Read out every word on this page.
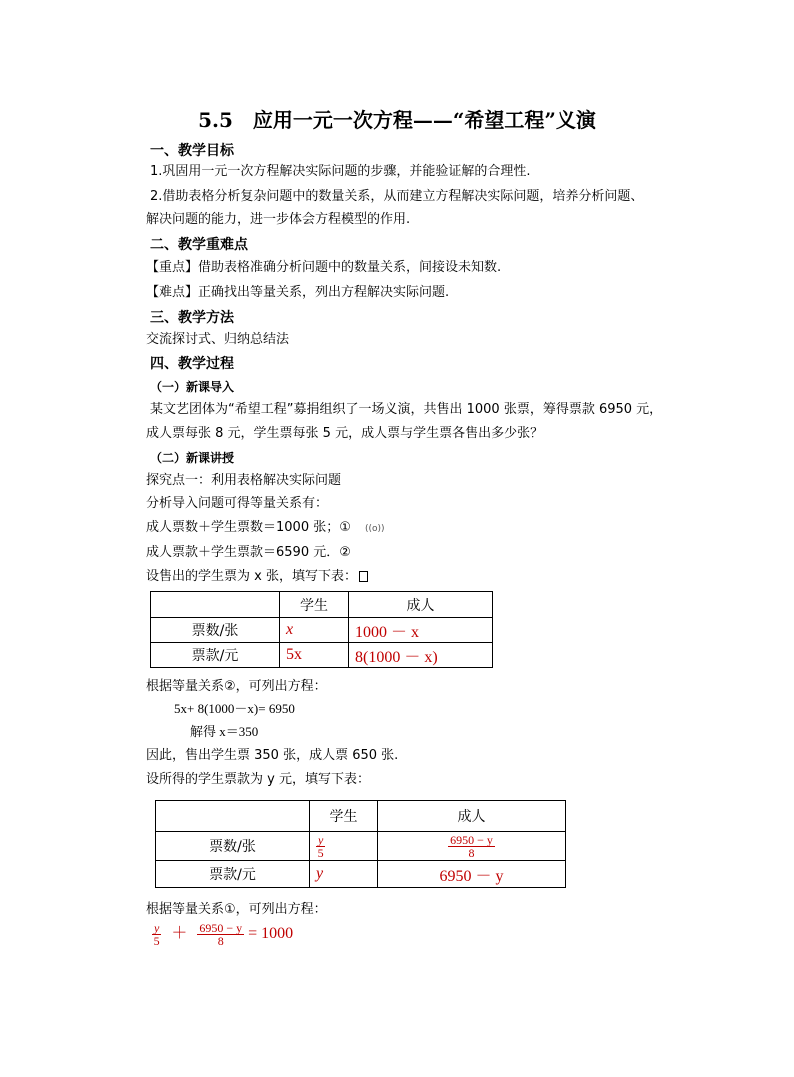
5.5　应用一元一次方程——“希望工程”义演
一、教学目标
1.巩固用一元一次方程解决实际问题的步骤，并能验证解的合理性.
2.借助表格分析复杂问题中的数量关系，从而建立方程解决实际问题，培养分析问题、
解决问题的能力，进一步体会方程模型的作用.
二、教学重难点
【重点】借助表格准确分析问题中的数量关系，间接设未知数.
【难点】正确找出等量关系，列出方程解决实际问题.
三、教学方法
交流探讨式、归纳总结法
四、教学过程
（一）新课导入
某文艺团体为“希望工程”募捐组织了一场义演，共售出 1000 张票，筹得票款 6950 元，
成人票每张 8 元，学生票每张 5 元，成人票与学生票各售出多少张？
（二）新课讲授
探究点一：利用表格解决实际问题
分析导入问题可得等量关系有：
成人票数＋学生票数＝1000 张；① ((o))
成人票款＋学生票款＝6590 元．②
设售出的学生票为 x 张，填写下表：
	学生	成人
票数/张	x	1000 － x
票款/元	5x	8(1000 － x)
根据等量关系②，可列出方程：
5x+ 8(1000－x)= 6950
解得 x＝350
因此，售出学生票 350 张，成人票 650 张.
设所得的学生票款为 y 元，填写下表：
	学生	成人
票数/张	$\frac{y}{5}$	$\frac{6950 - y}{8}$

票款/元	y	6950 － y
根据等量关系①，可列出方程：
$\frac{y}{5} + \frac{6950 - y}{8} = 1000$
